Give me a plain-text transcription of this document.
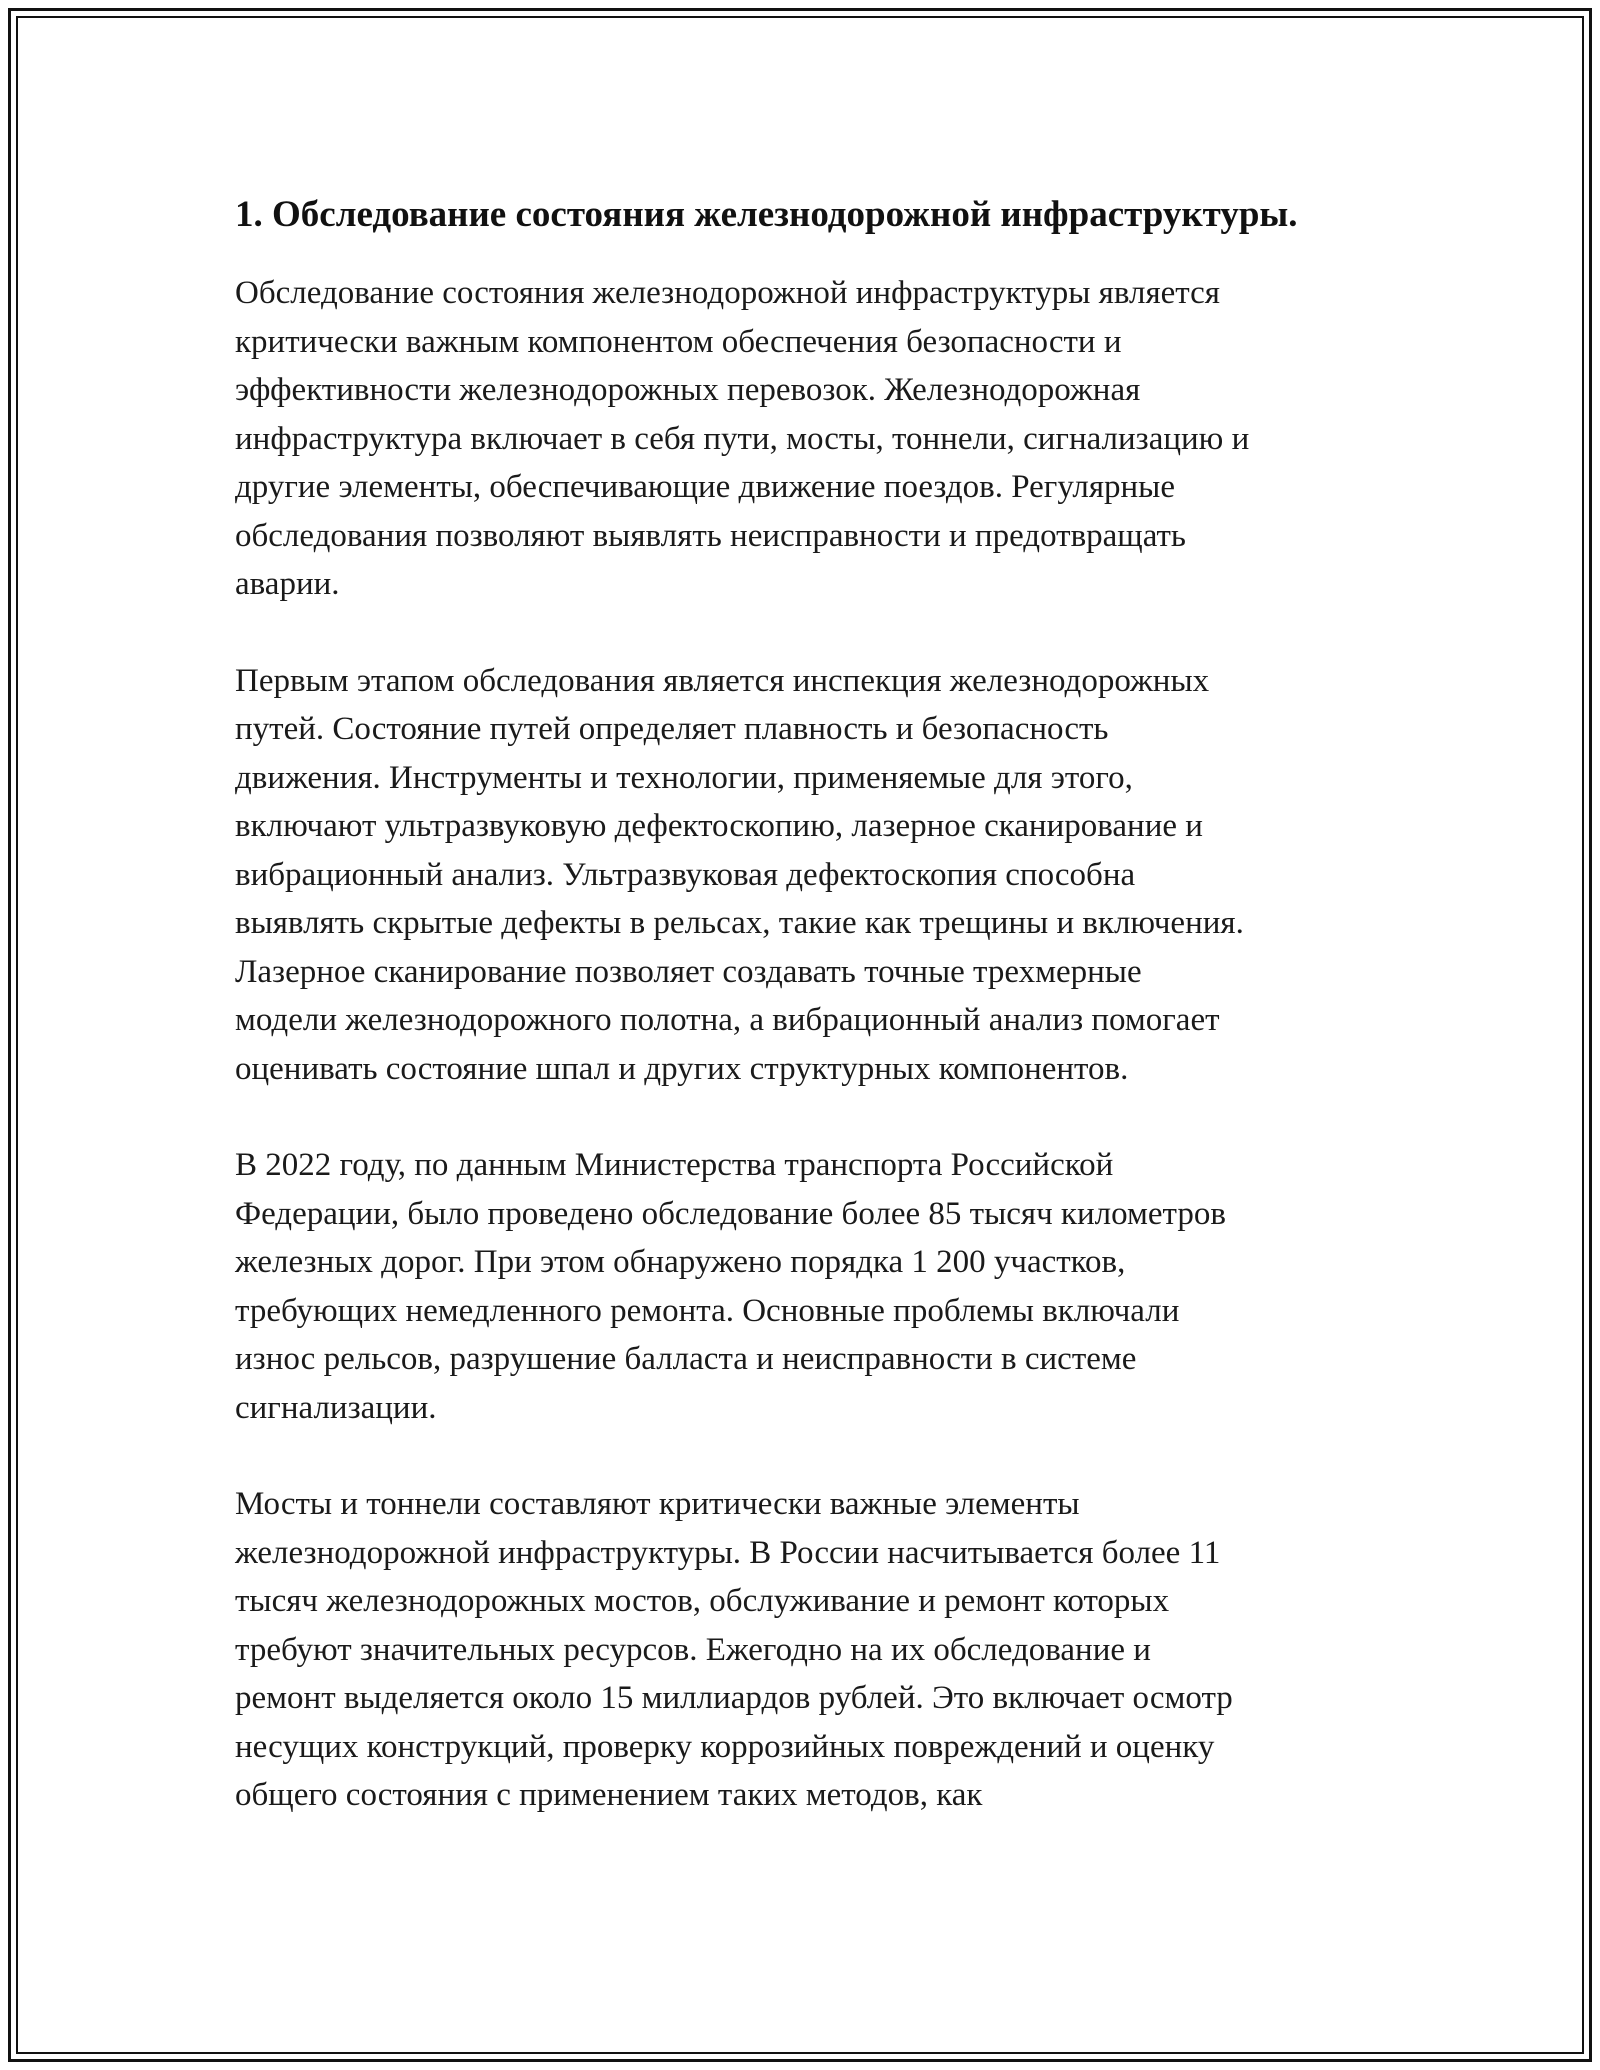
1. Обследование состояния железнодорожной инфраструктуры.

Обследование состояния железнодорожной инфраструктуры является
критически важным компонентом обеспечения безопасности и
эффективности железнодорожных перевозок. Железнодорожная
инфраструктура включает в себя пути, мосты, тоннели, сигнализацию и
другие элементы, обеспечивающие движение поездов. Регулярные
обследования позволяют выявлять неисправности и предотвращать
аварии.

Первым этапом обследования является инспекция железнодорожных
путей. Состояние путей определяет плавность и безопасность
движения. Инструменты и технологии, применяемые для этого,
включают ультразвуковую дефектоскопию, лазерное сканирование и
вибрационный анализ. Ультразвуковая дефектоскопия способна
выявлять скрытые дефекты в рельсах, такие как трещины и включения.
Лазерное сканирование позволяет создавать точные трехмерные
модели железнодорожного полотна, а вибрационный анализ помогает
оценивать состояние шпал и других структурных компонентов.

В 2022 году, по данным Министерства транспорта Российской
Федерации, было проведено обследование более 85 тысяч километров
железных дорог. При этом обнаружено порядка 1 200 участков,
требующих немедленного ремонта. Основные проблемы включали
износ рельсов, разрушение балласта и неисправности в системе
сигнализации.

Мосты и тоннели составляют критически важные элементы
железнодорожной инфраструктуры. В России насчитывается более 11
тысяч железнодорожных мостов, обслуживание и ремонт которых
требуют значительных ресурсов. Ежегодно на их обследование и
ремонт выделяется около 15 миллиардов рублей. Это включает осмотр
несущих конструкций, проверку коррозийных повреждений и оценку
общего состояния с применением таких методов, как
